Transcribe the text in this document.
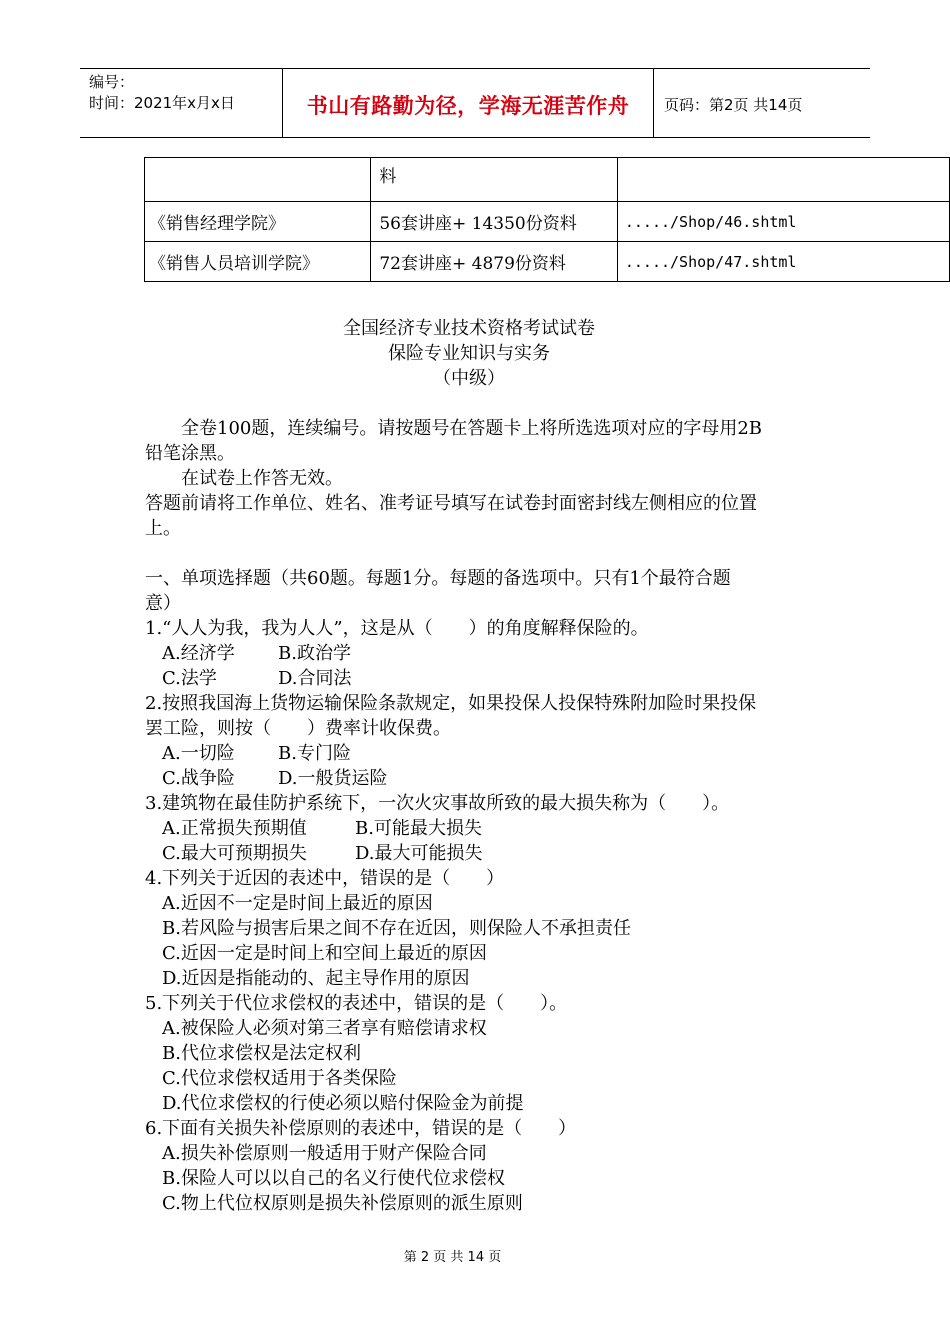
编号：
时间：2021年x月x日	书山有路勤为径，学海无涯苦作舟	页码：第2页 共14页
	料	
《销售经理学院》	56套讲座+ 14350份资料	...../Shop/46.shtml
《销售人员培训学院》	72套讲座+ 4879份资料	...../Shop/47.shtml
全国经济专业技术资格考试试卷
保险专业知识与实务
（中级）

全卷100题，连续编号。请按题号在答题卡上将所选选项对应的字母用2B

铅笔涂黑。

在试卷上作答无效。

答题前请将工作单位、姓名、准考证号填写在试卷封面密封线左侧相应的位置

上。

一、单项选择题（共60题。每题1分。每题的备选项中。只有1个最符合题

意）

1.“人人为我，我为人人”，这是从（　　）的角度解释保险的。

A.经济学	B.政治学
C.法学	D.合同法

2.按照我国海上货物运输保险条款规定，如果投保人投保特殊附加险时果投保

罢工险，则按（　　）费率计收保费。

A.一切险	B.专门险
C.战争险	D.一般货运险

3.建筑物在最佳防护系统下，一次火灾事故所致的最大损失称为（　　）。

A.正常损失预期值	B.可能最大损失
C.最大可预期损失	D.最大可能损失

4.下列关于近因的表述中，错误的是（　　）

A.近因不一定是时间上最近的原因
B.若风险与损害后果之间不存在近因，则保险人不承担责任
C.近因一定是时间上和空间上最近的原因
D.近因是指能动的、起主导作用的原因

5.下列关于代位求偿权的表述中，错误的是（　　）。

A.被保险人必须对第三者享有赔偿请求权
B.代位求偿权是法定权利
C.代位求偿权适用于各类保险
D.代位求偿权的行使必须以赔付保险金为前提

6.下面有关损失补偿原则的表述中，错误的是（　　）

A.损失补偿原则一般适用于财产保险合同
B.保险人可以以自己的名义行使代位求偿权
C.物上代位权原则是损失补偿原则的派生原则
第 2 页 共 14 页
